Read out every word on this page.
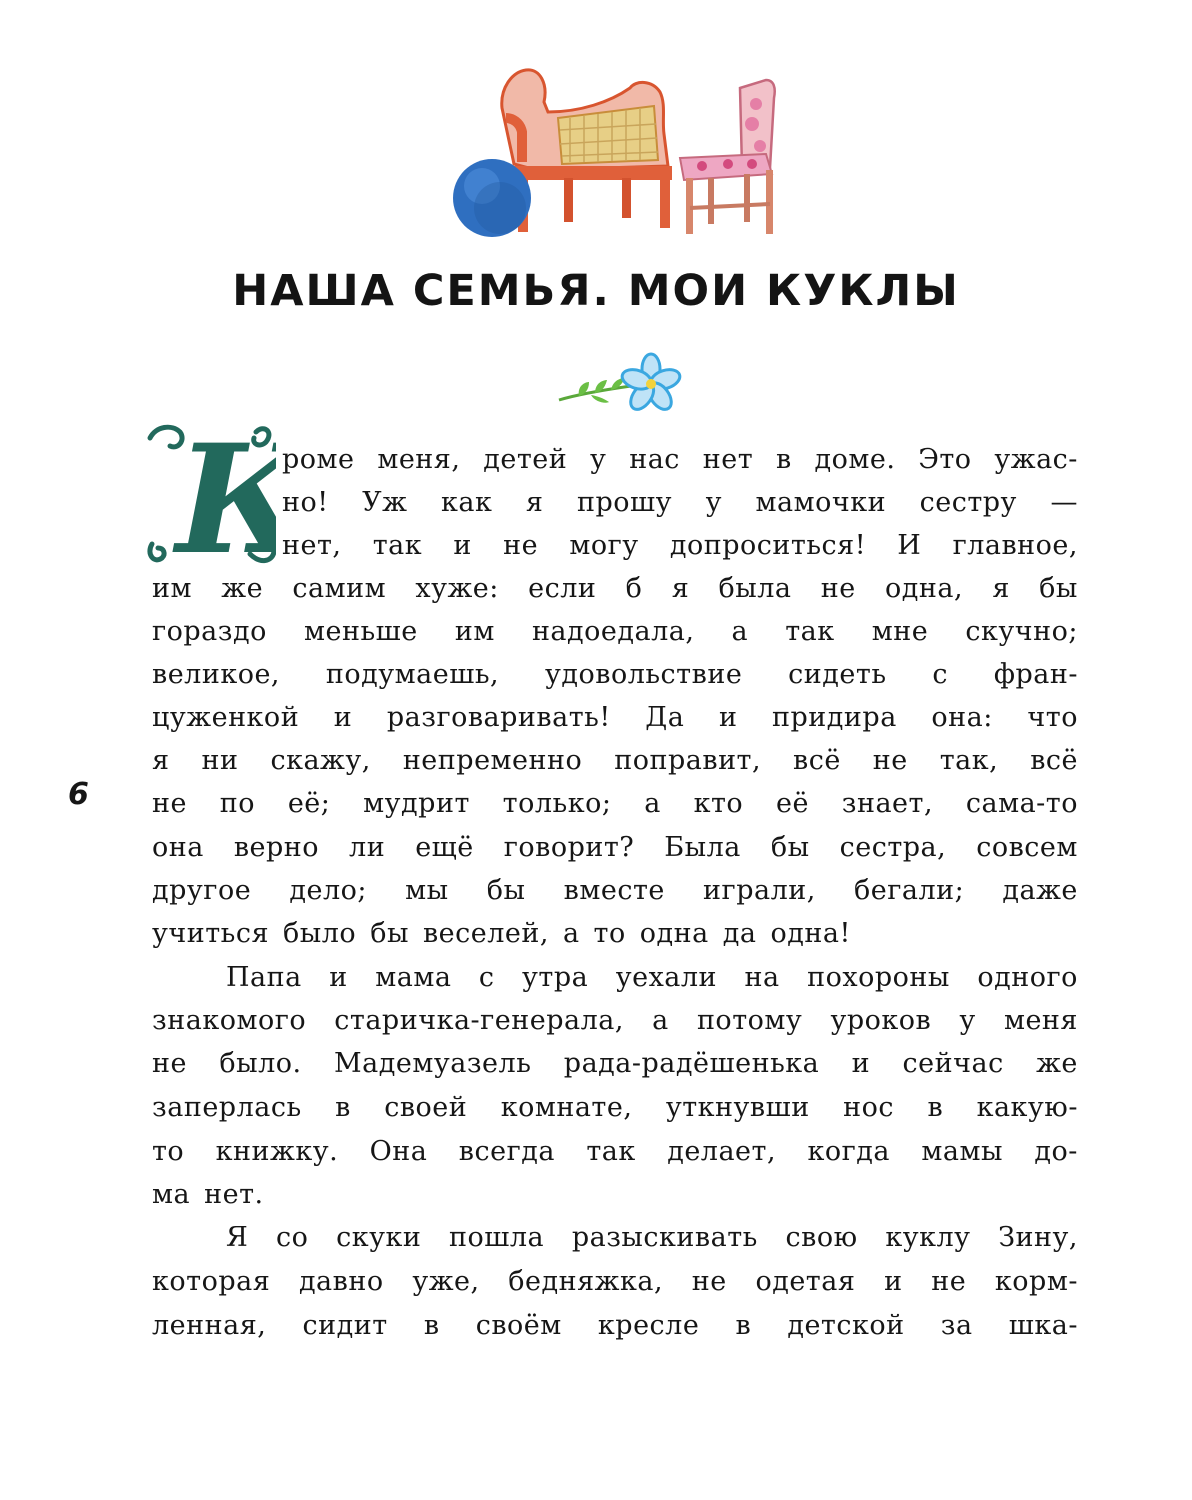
НАША СЕМЬЯ. МОИ КУКЛЫ
6
роме меня, детей у нас нет в доме. Это ужас-
но! Уж как я прошу у мамочки сестру —
нет, так и не могу допроситься! И главное,
им же самим хуже: если б я была не одна, я бы
гораздо меньше им надоедала, а так мне скучно;
великое, подумаешь, удовольствие сидеть с фран-
цуженкой и разговаривать! Да и придира она: что
я ни скажу, непременно поправит, всё не так, всё
не по её; мудрит только; а кто её знает, сама-то
она верно ли ещё говорит? Была бы сестра, совсем
другое дело; мы бы вместе играли, бегали; даже
учиться было бы веселей, а то одна да одна!
Папа и мама с утра уехали на похороны одного
знакомого старичка-генерала, а потому уроков у меня
не было. Мадемуазель рада-радёшенька и сейчас же
заперлась в своей комнате, уткнувши нос в какую-
то книжку. Она всегда так делает, когда мамы до-
ма нет.
Я со скуки пошла разыскивать свою куклу Зину,
которая давно уже, бедняжка, не одетая и не корм-
ленная, сидит в своём кресле в детской за шка-
